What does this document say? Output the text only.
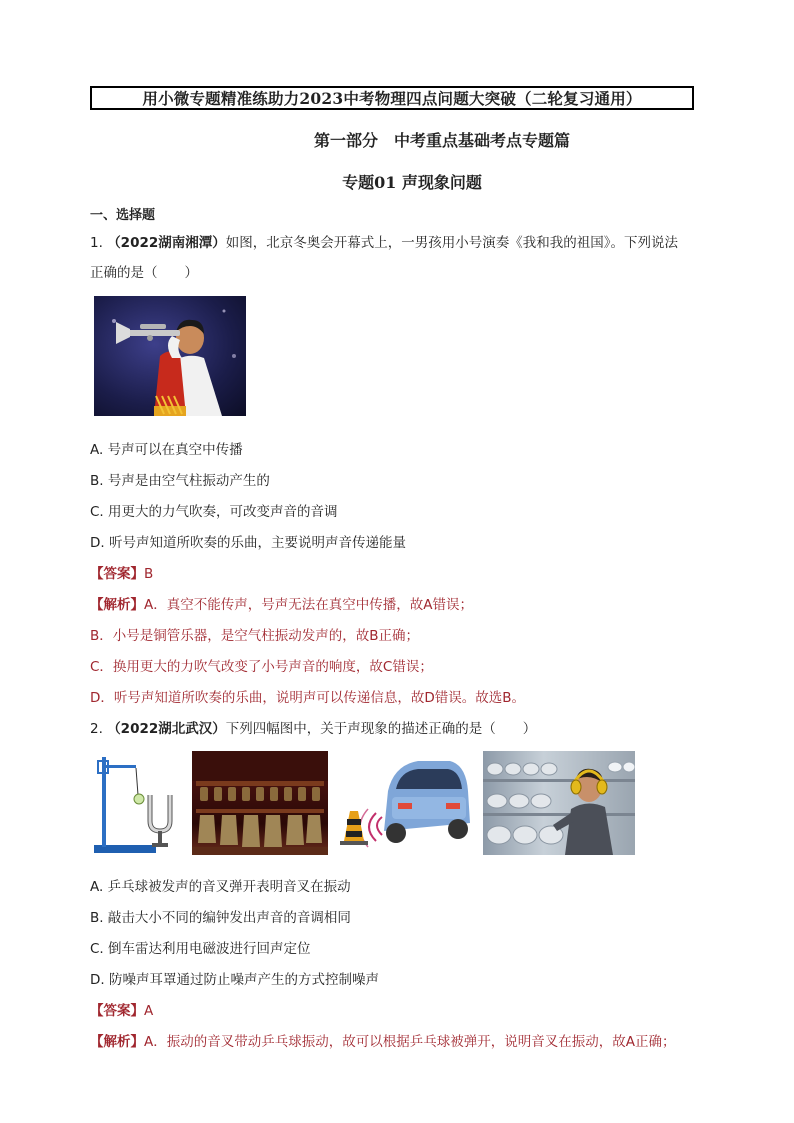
用小微专题精准练助力2023中考物理四点问题大突破（二轮复习通用）
第一部分　中考重点基础考点专题篇
专题01 声现象问题
一、选择题
1. （2022湖南湘潭）如图，北京冬奥会开幕式上，一男孩用小号演奏《我和我的祖国》。下列说法
正确的是（　　）
A. 号声可以在真空中传播
B. 号声是由空气柱振动产生的
C. 用更大的力气吹奏，可改变声音的音调
D. 听号声知道所吹奏的乐曲，主要说明声音传递能量
【答案】B
【解析】A．真空不能传声，号声无法在真空中传播，故A错误；
B．小号是铜管乐器，是空气柱振动发声的，故B正确；
C．换用更大的力吹气改变了小号声音的响度，故C错误；
D．听号声知道所吹奏的乐曲，说明声可以传递信息，故D错误。故选B。
2. （2022湖北武汉）下列四幅图中，关于声现象的描述正确的是（　　）
A. 乒乓球被发声的音叉弹开表明音叉在振动
B. 敲击大小不同的编钟发出声音的音调相同
C. 倒车雷达利用电磁波进行回声定位
D. 防噪声耳罩通过防止噪声产生的方式控制噪声
【答案】A
【解析】A．振动的音叉带动乒乓球振动，故可以根据乒乓球被弹开，说明音叉在振动，故A正确；
